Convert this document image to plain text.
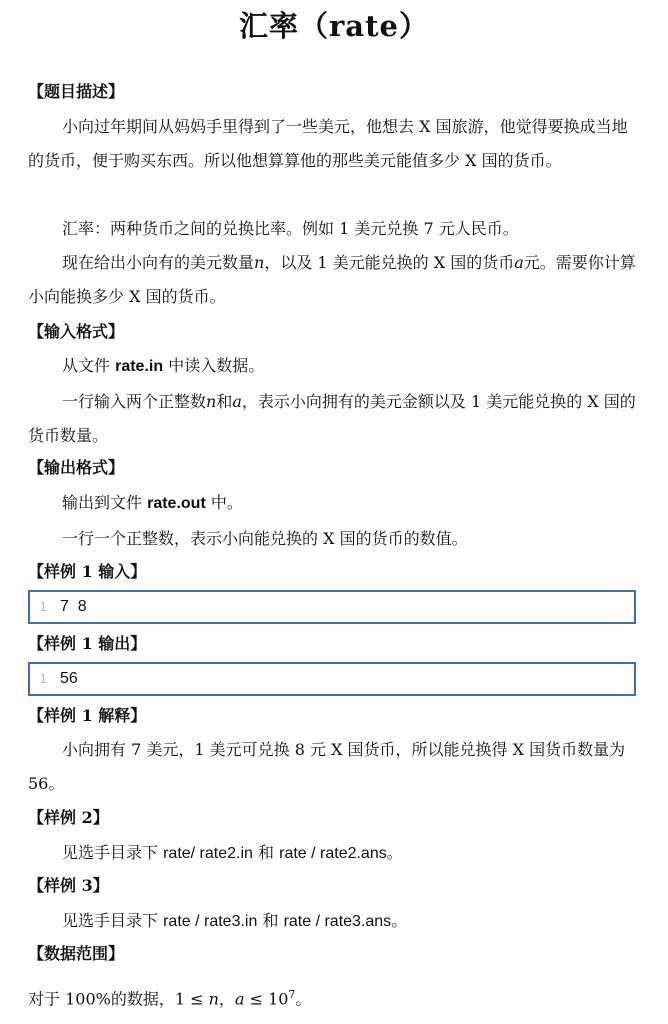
汇率（rate）
【题目描述】
小向过年期间从妈妈手里得到了一些美元，他想去 X 国旅游，他觉得要换成当地的货币，便于购买东西。所以他想算算他的那些美元能值多少 X 国的货币。
汇率：两种货币之间的兑换比率。例如 1 美元兑换 7 元人民币。
现在给出小向有的美元数量n，以及 1 美元能兑换的 X 国的货币a元。需要你计算小向能换多少 X 国的货币。
【输入格式】
从文件 rate.in 中读入数据。
一行输入两个正整数n和a，表示小向拥有的美元金额以及 1 美元能兑换的 X 国的货币数量。
【输出格式】
输出到文件 rate.out 中。
一行一个正整数，表示小向能兑换的 X 国的货币的数值。
【样例 1 输入】
1 7  8
【样例 1 输出】
1 56
【样例 1 解释】
小向拥有 7 美元，1 美元可兑换 8 元 X 国货币，所以能兑换得 X 国货币数量为 56。
【样例 2】
见选手目录下 rate/ rate2.in 和 rate / rate2.ans。
【样例 3】
见选手目录下 rate / rate3.in 和 rate / rate3.ans。
【数据范围】
对于 100%的数据，1 ≤ n，$a \le 10^7$。
